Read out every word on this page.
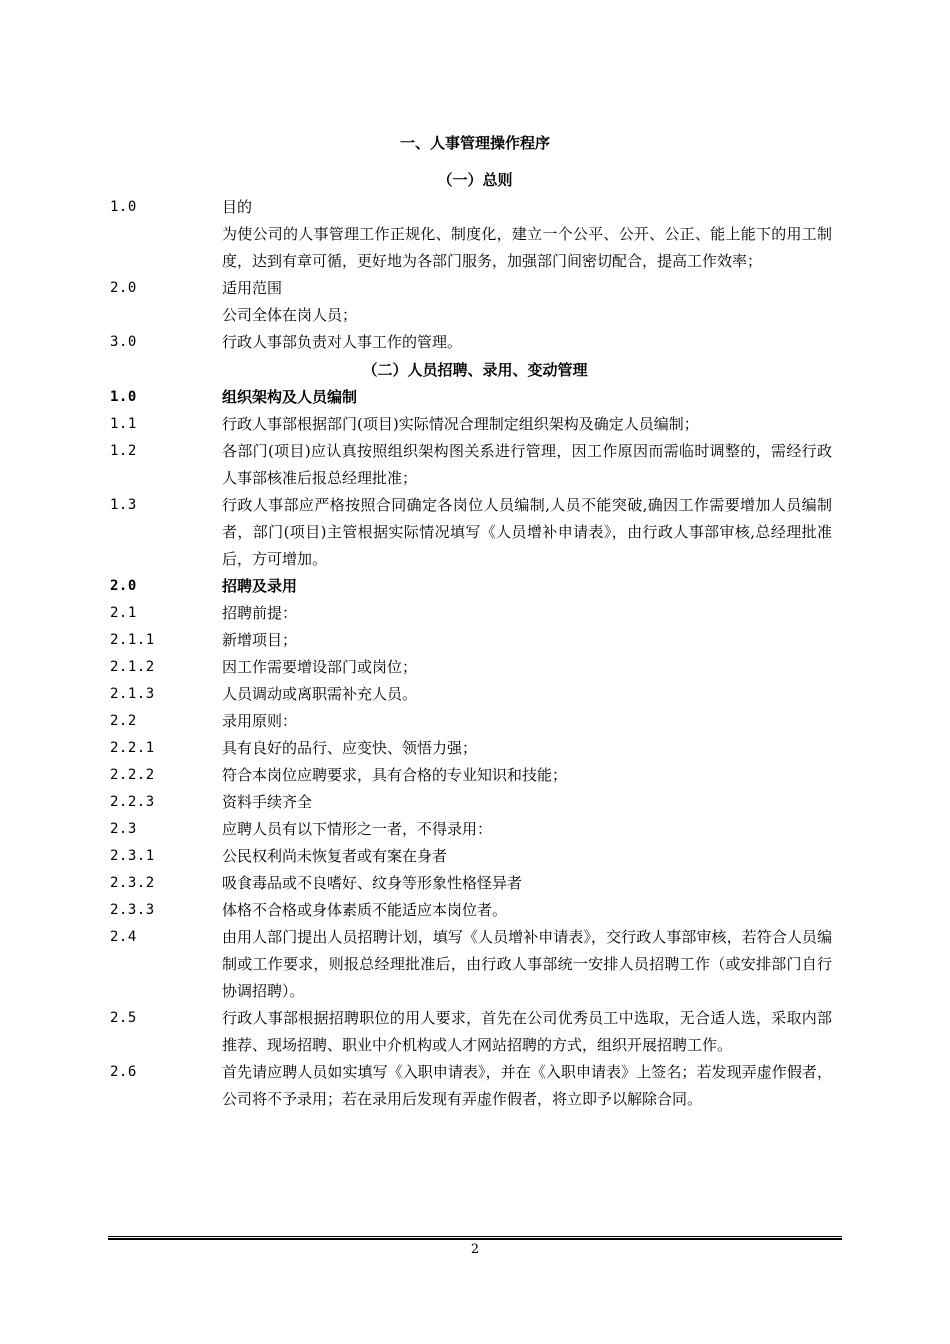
一、人事管理操作程序
（一）总则
1.0	目的
为使公司的人事管理工作正规化、制度化，建立一个公平、公开、公正、能上能下的用工制度，达到有章可循，更好地为各部门服务，加强部门间密切配合，提高工作效率；
2.0	适用范围
公司全体在岗人员；
3.0	行政人事部负责对人事工作的管理。
（二）人员招聘、录用、变动管理
1.0	组织架构及人员编制
1.1	行政人事部根据部门(项目)实际情况合理制定组织架构及确定人员编制；
1.2	各部门(项目)应认真按照组织架构图关系进行管理，因工作原因而需临时调整的，需经行政人事部核准后报总经理批准；
1.3	行政人事部应严格按照合同确定各岗位人员编制,人员不能突破,确因工作需要增加人员编制者，部门(项目)主管根据实际情况填写《人员增补申请表》，由行政人事部审核,总经理批准后，方可增加。
2.0	招聘及录用
2.1	招聘前提：
2.1.1	新增项目；
2.1.2	因工作需要增设部门或岗位；
2.1.3	人员调动或离职需补充人员。
2.2	录用原则：
2.2.1	具有良好的品行、应变快、领悟力强；
2.2.2	符合本岗位应聘要求，具有合格的专业知识和技能；
2.2.3	资料手续齐全
2.3	应聘人员有以下情形之一者，不得录用：
2.3.1	公民权利尚未恢复者或有案在身者
2.3.2	吸食毒品或不良嗜好、纹身等形象性格怪异者
2.3.3	体格不合格或身体素质不能适应本岗位者。
2.4	由用人部门提出人员招聘计划，填写《人员增补申请表》，交行政人事部审核，若符合人员编制或工作要求，则报总经理批准后，由行政人事部统一安排人员招聘工作（或安排部门自行协调招聘）。
2.5	行政人事部根据招聘职位的用人要求，首先在公司优秀员工中选取，无合适人选，采取内部推荐、现场招聘、职业中介机构或人才网站招聘的方式，组织开展招聘工作。
2.6	首先请应聘人员如实填写《入职申请表》，并在《入职申请表》上签名；若发现弄虚作假者，公司将不予录用；若在录用后发现有弄虚作假者，将立即予以解除合同。
2
